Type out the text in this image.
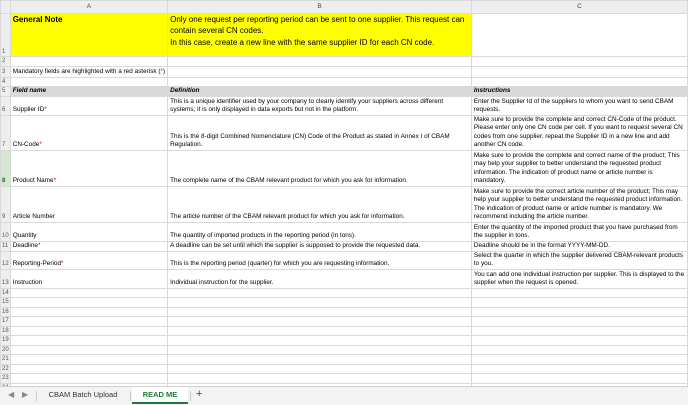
	A	B	C
1	General Note	Only one request per reporting period can be sent to one supplier. This request can
contain several CN codes.
In this case, create a new line with the same supplier ID for each CN code.	

2			
3	Mandatory fields are highlighted with a red asterisk (*)		
4			
5	Field name	Definition	Instructions
6	Supplier ID*	This is a unique identifier used by your company to clearly identify your suppliers across different systems; it is only displayed in data exports but not in the platform.	Enter the Supplier Id of the suppliers to whom you want to send CBAM requests.
7	CN-Code*	This is the 8-digit Combined Nomenclature (CN) Code of the Product as stated in Annex I of CBAM Regulation.	Make sure to provide the complete and correct CN-Code of the product. Please enter only one CN code per cell. If you want to request several CN codes from one supplier, repeat the Supplier ID in a new line and add another CN code.
8	Product Name*	The complete name of the CBAM relevant product for which you ask for information.	Make sure to provide the complete and correct name of the product; This may help your supplier to better understand the requested product information. The indication of product name or article number is mandatory.
9	Article Number	The article number of the CBAM relevant product for which you ask for information.	Make sure to provide the correct article number of the product; This may help your supplier to better understand the requested product information. The indication of product name or article number is mandatory. We recommend including the article number.
10	Quantity	The quantity of imported products in the reporting period (in tons).	Enter the quantity of the imported product that you have purchased from the supplier in tons.
11	Deadline*	A deadline can be set until which the supplier is supposed to provide the requested data.	Deadline should be in the format YYYY-MM-DD.
12	Reporting-Period*	This is the reporting period (quarter) for which you are requesting information.	Select the quarter in which the supplier delivered CBAM-relevant products to you.
13	Instruction	Individual instruction for the supplier.	You can add one individual instruction per supplier. This is displayed to the supplier when the request is opened.
14			
15			
16			
17			
18			
19			
20			
21			
22			
23			

◀ ▶	CBAM Batch Upload	READ ME	+
